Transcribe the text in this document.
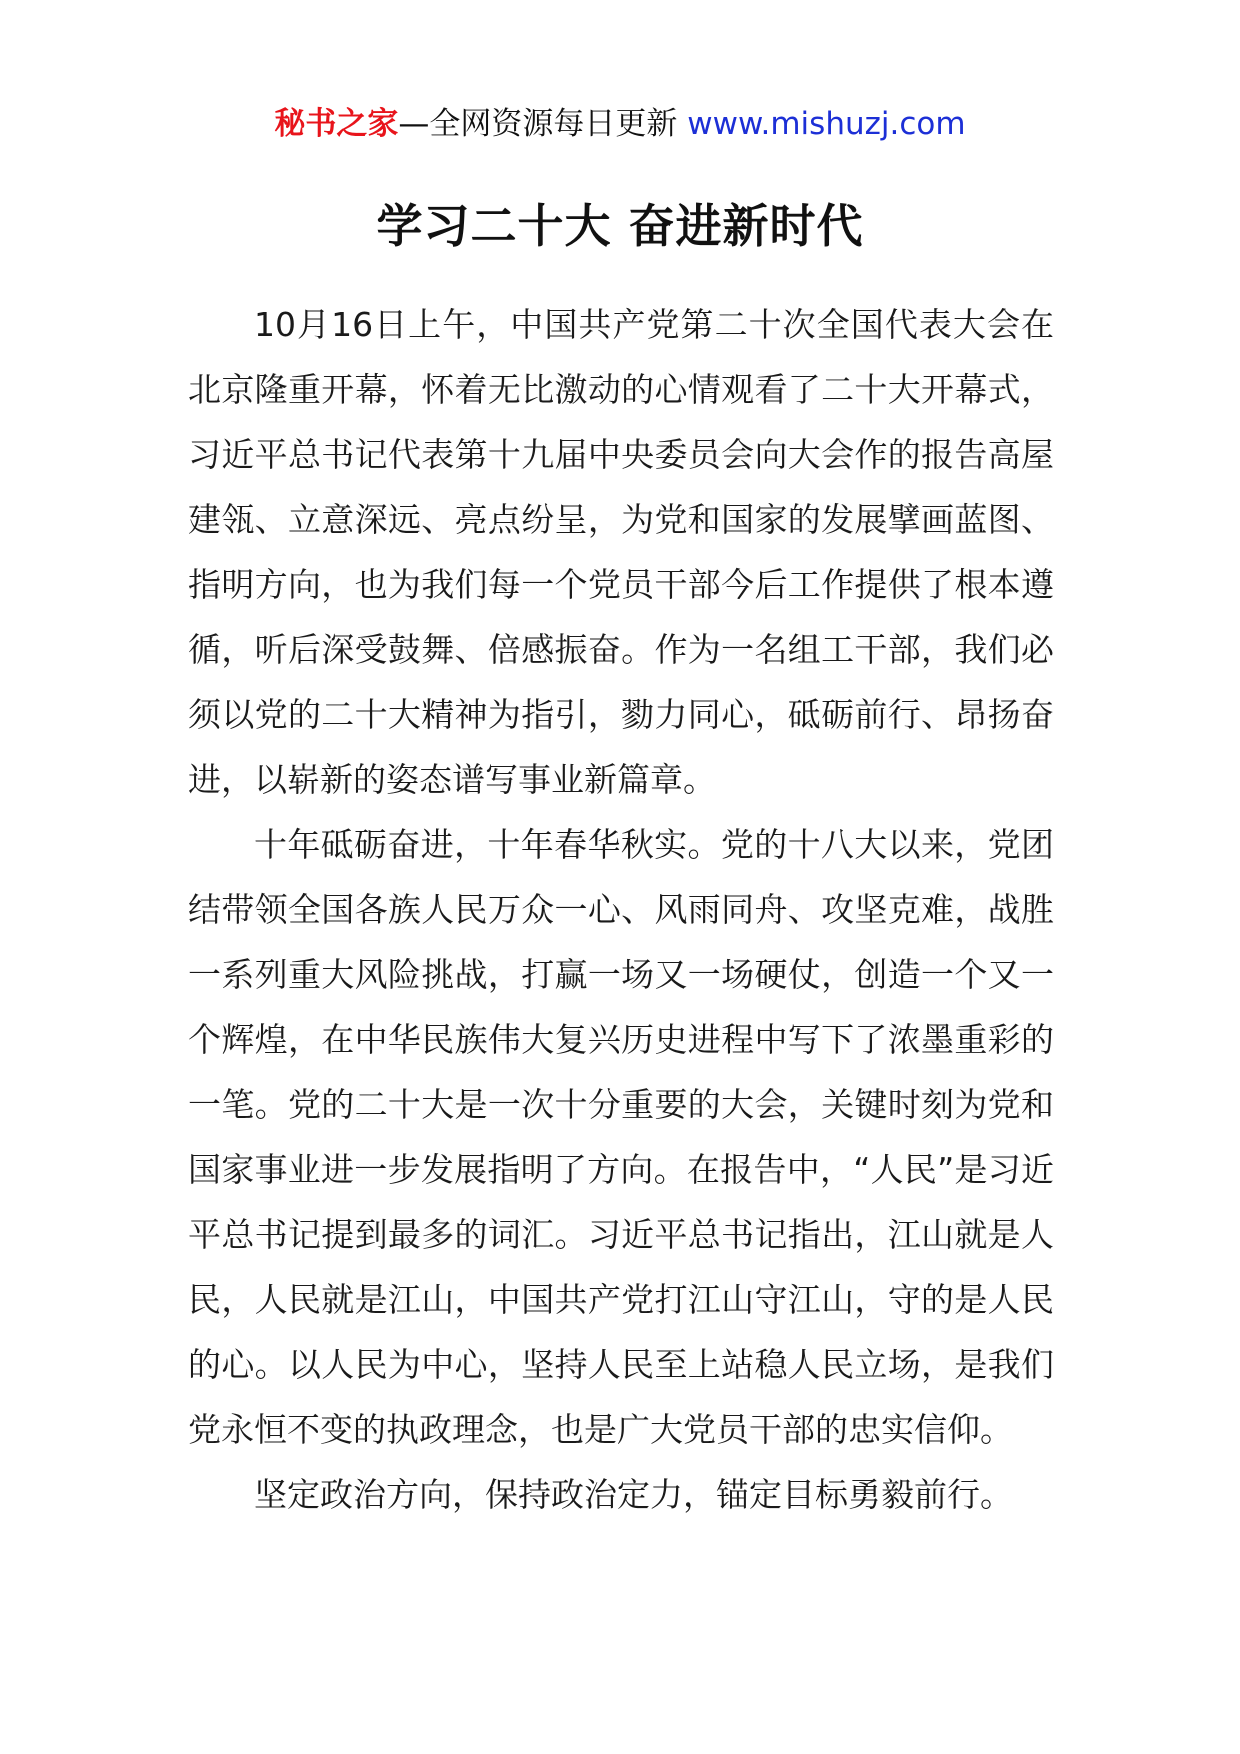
秘书之家—全网资源每日更新 www.mishuzj.com
学习二十大 奋进新时代

10月16日上午，中国共产党第二十次全国代表大会在北京隆重开幕，怀着无比激动的心情观看了二十大开幕式，习近平总书记代表第十九届中央委员会向大会作的报告高屋建瓴、立意深远、亮点纷呈，为党和国家的发展擘画蓝图、指明方向，也为我们每一个党员干部今后工作提供了根本遵循，听后深受鼓舞、倍感振奋。作为一名组工干部，我们必须以党的二十大精神为指引，勠力同心，砥砺前行、昂扬奋进，以崭新的姿态谱写事业新篇章。

十年砥砺奋进，十年春华秋实。党的十八大以来，党团结带领全国各族人民万众一心、风雨同舟、攻坚克难，战胜一系列重大风险挑战，打赢一场又一场硬仗，创造一个又一个辉煌，在中华民族伟大复兴历史进程中写下了浓墨重彩的一笔。党的二十大是一次十分重要的大会，关键时刻为党和国家事业进一步发展指明了方向。在报告中，“人民”是习近平总书记提到最多的词汇。习近平总书记指出，江山就是人民，人民就是江山，中国共产党打江山守江山，守的是人民的心。以人民为中心，坚持人民至上站稳人民立场，是我们党永恒不变的执政理念，也是广大党员干部的忠实信仰。

坚定政治方向，保持政治定力，锚定目标勇毅前行。
